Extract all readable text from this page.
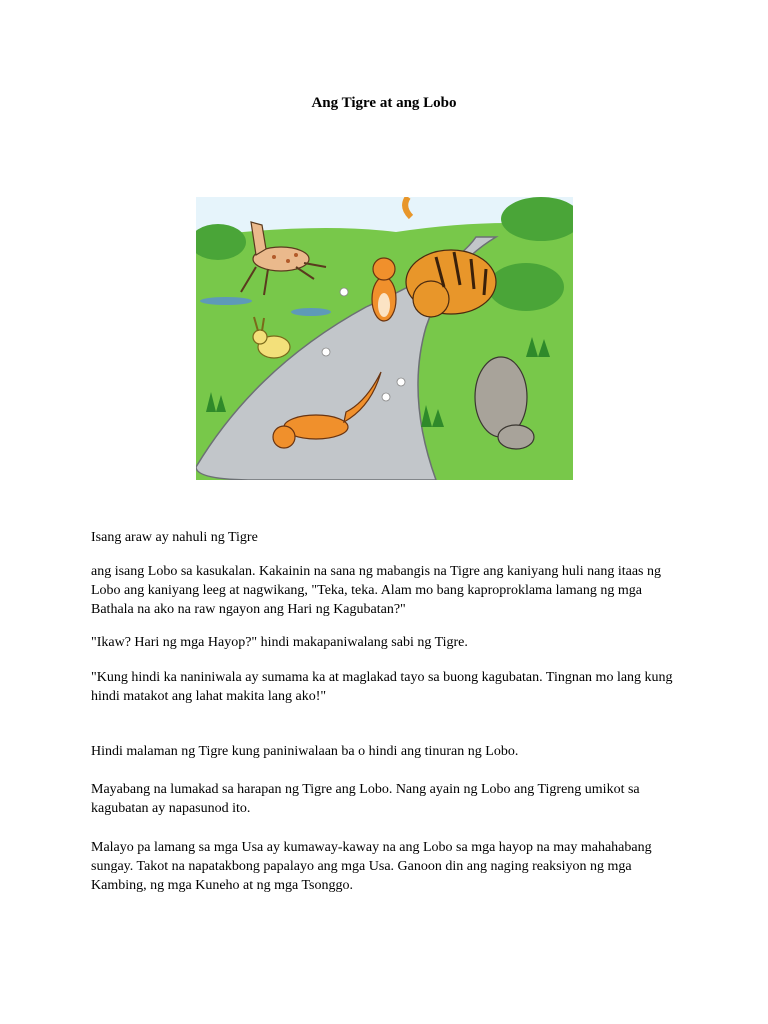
Ang Tigre at ang Lobo

Isang araw ay nahuli ng Tigre

ang isang Lobo sa kasukalan. Kakainin na sana ng mabangis na Tigre ang kaniyang huli nang itaas ng Lobo ang kaniyang leeg at nagwikang, "Teka, teka. Alam mo bang kaproproklama lamang ng mga Bathala na ako na raw ngayon ang Hari ng Kagubatan?"

"Ikaw? Hari ng mga Hayop?" hindi makapaniwalang sabi ng Tigre.

"Kung hindi ka naniniwala ay sumama ka at maglakad tayo sa buong kagubatan. Tingnan mo lang kung hindi matakot ang lahat makita lang ako!"

Hindi malaman ng Tigre kung paniniwalaan ba o hindi ang tinuran ng Lobo.

Mayabang na lumakad sa harapan ng Tigre ang Lobo. Nang ayain ng Lobo ang Tigreng umikot sa kagubatan ay napasunod ito.

Malayo pa lamang sa mga Usa ay kumaway-kaway na ang Lobo sa mga hayop na may mahahabang sungay. Takot na napatakbong papalayo ang mga Usa. Ganoon din ang naging reaksiyon ng mga Kambing, ng mga Kuneho at ng mga Tsonggo.
